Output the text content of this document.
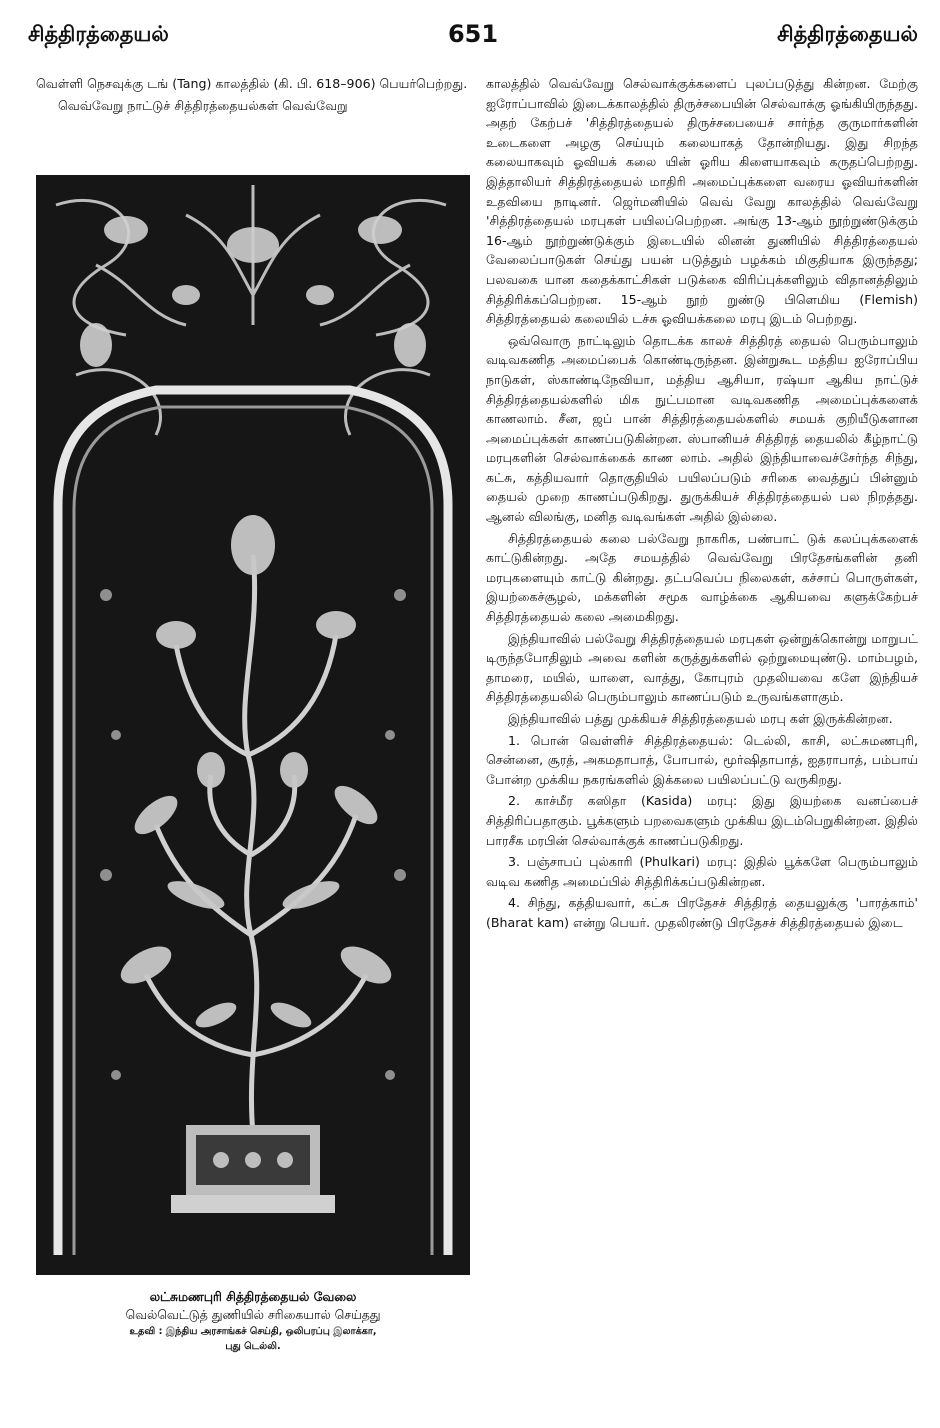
சித்திரத்தையல்	651	சித்திரத்தையல்

வெள்ளி நெசவுக்கு டங் (Tang) காலத்தில் (கி. பி. 618–906) பெயர்பெற்றது.

வெவ்வேறு நாட்டுச் சித்திரத்தையல்கள் வெவ்வேறு

லட்சுமணபுரி சித்திரத்தையல் வேலை
வெல்வெட்டுத் துணியில் சரிகையால் செய்தது
உதவி : இந்திய அரசாங்கச் செய்தி, ஒலிபரப்பு இலாக்கா,
புது டெல்லி.

காலத்தில் வெவ்வேறு செல்வாக்குக்களைப் புலப்படுத்து கின்றன. மேற்கு ஐரோப்பாவில் இடைக்காலத்தில் திருச்சபையின் செல்வாக்கு ஓங்கியிருந்தது. அதற் கேற்பச் 'சித்திரத்தையல் திருச்சபையைச் சார்ந்த குருமார்களின் உடைகளை அழகு செய்யும் கலையாகத் தோன்றியது. இது சிறந்த கலையாகவும் ஓவியக் கலை யின் ஓரிய கிளையாகவும் கருதப்பெற்றது. இத்தாலியர் சித்திரத்தையல் மாதிரி அமைப்புக்களை வரைய ஓவியர்களின் உதவியை நாடினர். ஜெர்மனியில் வெவ் வேறு காலத்தில் வெவ்வேறு 'சித்திரத்தையல் மரபுகள் பயிலப்பெற்றன. அங்கு 13-ஆம் நூற்றுண்டுக்கும் 16-ஆம் நூற்றுண்டுக்கும் இடையில் லினன் துணியில் சித்திரத்தையல் வேலைப்பாடுகள் செய்து பயன் படுத்தும் பழக்கம் மிகுதியாக இருந்தது; பலவகை யான கதைக்காட்சிகள் படுக்கை விரிப்புக்களிலும் விதானத்திலும் சித்திரிக்கப்பெற்றன. 15-ஆம் நூற் றுண்டு பிளெமிய (Flemish) சித்திரத்தையல் கலையில் டச்சு ஓவியக்கலை மரபு இடம் பெற்றது.

ஒவ்வொரு நாட்டிலும் தொடக்க காலச் சித்திரத் தையல் பெரும்பாலும் வடிவகணித அமைப்பைக் கொண்டிருந்தன. இன்றுகூட மத்திய ஐரோப்பிய நாடுகள், ஸ்காண்டிநேவியா, மத்திய ஆசியா, ரஷ்யா ஆகிய நாட்டுச் சித்திரத்தையல்களில் மிக நுட்பமான வடிவகணித அமைப்புக்களைக் காணலாம். சீன, ஜப் பான் சித்திரத்தையல்களில் சமயக் குறியீடுகளான அமைப்புக்கள் காணப்படுகின்றன. ஸ்பானியச் சித்திரத் தையலில் கீழ்நாட்டு மரபுகளின் செல்வாக்கைக் காண லாம். அதில் இந்தியாவைச்சேர்ந்த சிந்து, கட்சு, கத்தியவார் தொகுதியில் பயிலப்படும் சரிகை வைத்துப் பின்னும் தையல் முறை காணப்படுகிறது. துருக்கியச் சித்திரத்தையல் பல நிறத்தது. ஆனல் விலங்கு, மனித வடிவங்கள் அதில் இல்லை.

சித்திரத்தையல் கலை பல்வேறு நாகரிக, பண்பாட் டுக் கலப்புக்களைக் காட்டுகின்றது. அதே சமயத்தில் வெவ்வேறு பிரதேசங்களின் தனி மரபுகளையும் காட்டு கின்றது. தட்பவெப்ப நிலைகள், கச்சாப் பொருள்கள், இயற்கைச்சூழல், மக்களின் சமூக வாழ்க்கை ஆகியவை களுக்கேற்பச் சித்திரத்தையல் கலை அமைகிறது.

இந்தியாவில் பல்வேறு சித்திரத்தையல் மரபுகள் ஒன்றுக்கொன்று மாறுபட் டிருந்தபோதிலும் அவை களின் கருத்துக்களில் ஒற்றுமையுண்டு. மாம்பழம், தாமரை, மயில், யாளை, வாத்து, கோபுரம் முதலியவை களே இந்தியச் சித்திரத்தையலில் பெரும்பாலும் காணப்படும் உருவங்களாகும்.

இந்தியாவில் பத்து முக்கியச் சித்திரத்தையல் மரபு கள் இருக்கின்றன.

1. பொன் வெள்ளிச் சித்திரத்தையல்: டெல்லி, காசி, லட்சுமணபுரி, சென்னை, சூரத், அகமதாபாத், போபால், மூர்ஷிதாபாத், ஐதராபாத், பம்பாய் போன்ற முக்கிய நகரங்களில் இக்கலை பயிலப்பட்டு வருகிறது.

2. காச்மீர கஸிதா (Kasida) மரபு: இது இயற்கை வனப்பைச் சித்திரிப்பதாகும். பூக்களும் பறவைகளும் முக்கிய இடம்பெறுகின்றன. இதில் பாரசீக மரபின் செல்வாக்குக் காணப்படுகிறது.

3. பஞ்சாபப் புல்காரி (Phulkari) மரபு: இதில் பூக்களே பெரும்பாலும் வடிவ கணித அமைப்பில் சித்திரிக்கப்படுகின்றன.

4. சிந்து, கத்தியவார், கட்சு பிரதேசச் சித்திரத் தையலுக்கு 'பாரத்காம்' (Bharat kam) என்று பெயர். முதலிரண்டு பிரதேசச் சித்திரத்தையல் இடை
